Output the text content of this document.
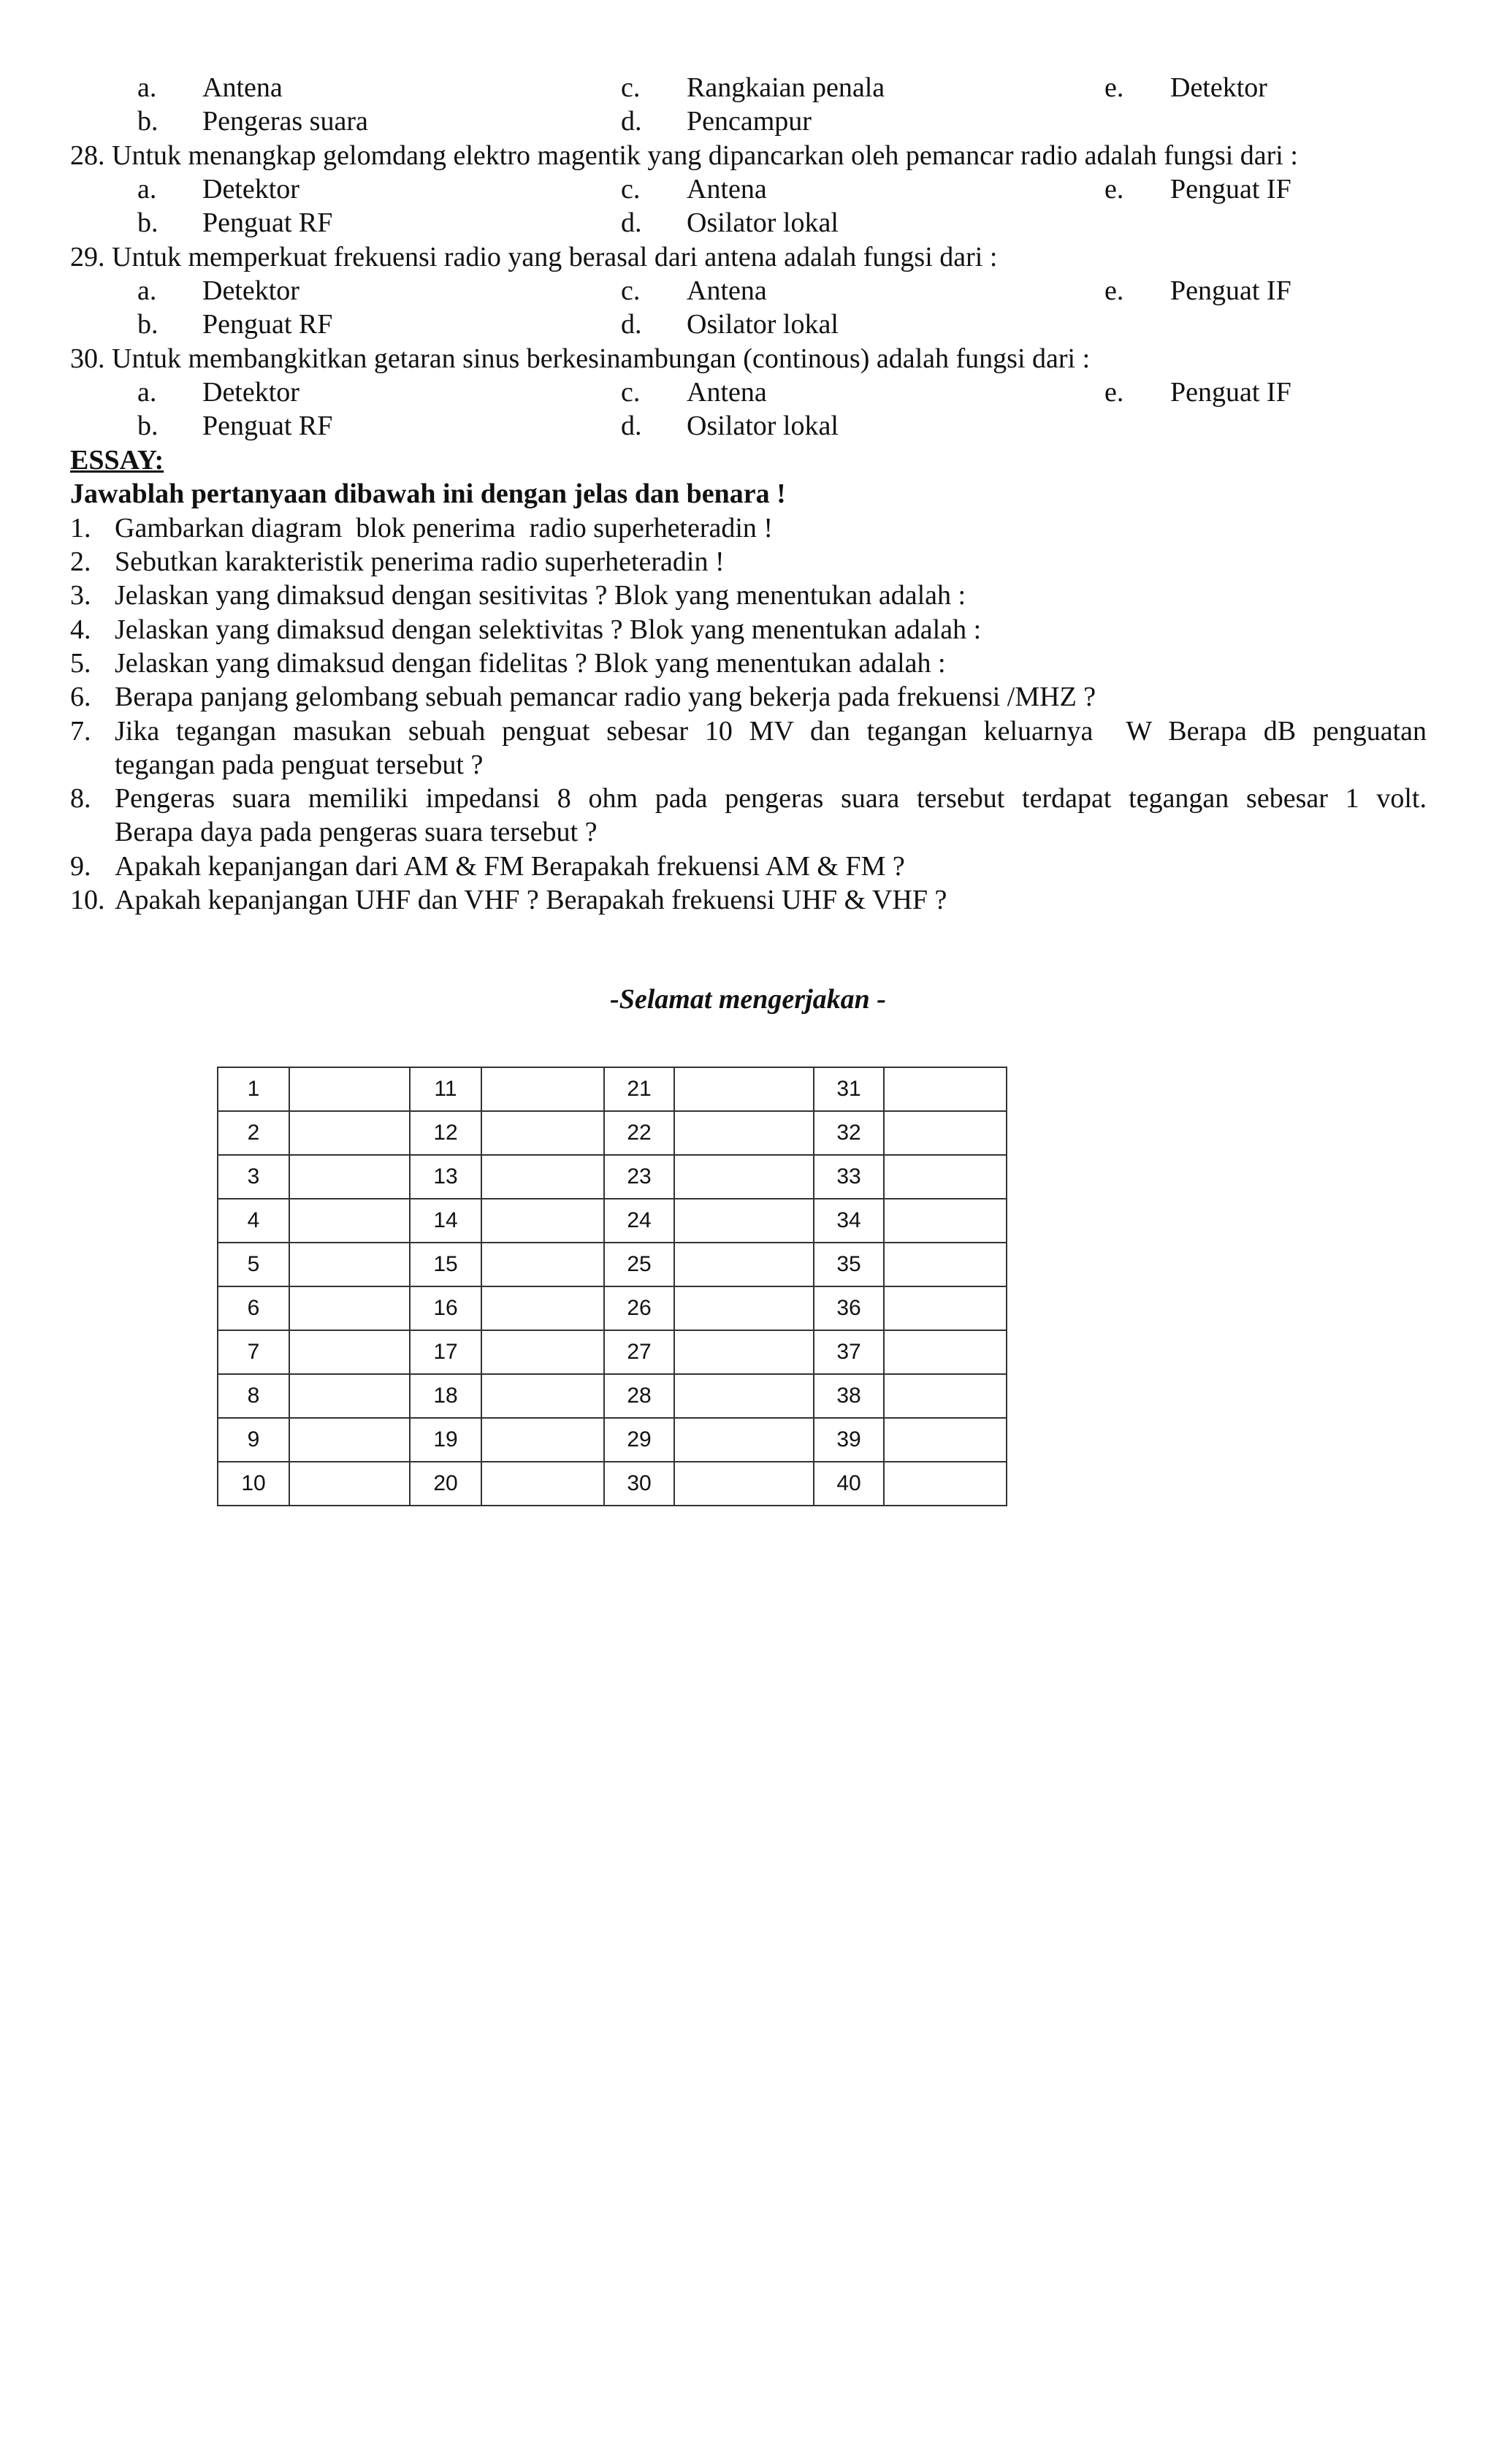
a. Antena	c. Rangkaian penala	e. Detektor
b. Pengeras suara	d. Pencampur
28. Untuk menangkap gelomdang elektro magentik yang dipancarkan oleh pemancar radio adalah fungsi dari :
a. Detektor	c. Antena	e. Penguat IF
b. Penguat RF	d. Osilator lokal
29. Untuk memperkuat frekuensi radio yang berasal dari antena adalah fungsi dari :
a. Detektor	c. Antena	e. Penguat IF
b. Penguat RF	d. Osilator lokal
30. Untuk membangkitkan getaran sinus berkesinambungan (continous) adalah fungsi dari :
a. Detektor	c. Antena	e. Penguat IF
b. Penguat RF	d. Osilator lokal
ESSAY:
Jawablah pertanyaan dibawah ini dengan jelas dan benara !
1. Gambarkan diagram  blok penerima  radio superheteradin !
2. Sebutkan karakteristik penerima radio superheteradin !
3. Jelaskan yang dimaksud dengan sesitivitas ? Blok yang menentukan adalah :
4. Jelaskan yang dimaksud dengan selektivitas ? Blok yang menentukan adalah :
5. Jelaskan yang dimaksud dengan fidelitas ? Blok yang menentukan adalah :
6. Berapa panjang gelombang sebuah pemancar radio yang bekerja pada frekuensi /MHZ ?
7. Jika tegangan masukan sebuah penguat sebesar 10 MV dan tegangan keluarnya  W Berapa dB penguatan
tegangan pada penguat tersebut ?
8. Pengeras suara memiliki impedansi 8 ohm pada pengeras suara tersebut terdapat tegangan sebesar 1 volt.
Berapa daya pada pengeras suara tersebut ?
9. Apakah kepanjangan dari AM & FM Berapakah frekuensi AM & FM ?
10. Apakah kepanjangan UHF dan VHF ? Berapakah frekuensi UHF & VHF ?
-Selamat mengerjakan -
1		11		21		31	
2		12		22		32	
3		13		23		33	
4		14		24		34	
5		15		25		35	
6		16		26		36	
7		17		27		37	
8		18		28		38	
9		19		29		39	
10		20		30		40	
